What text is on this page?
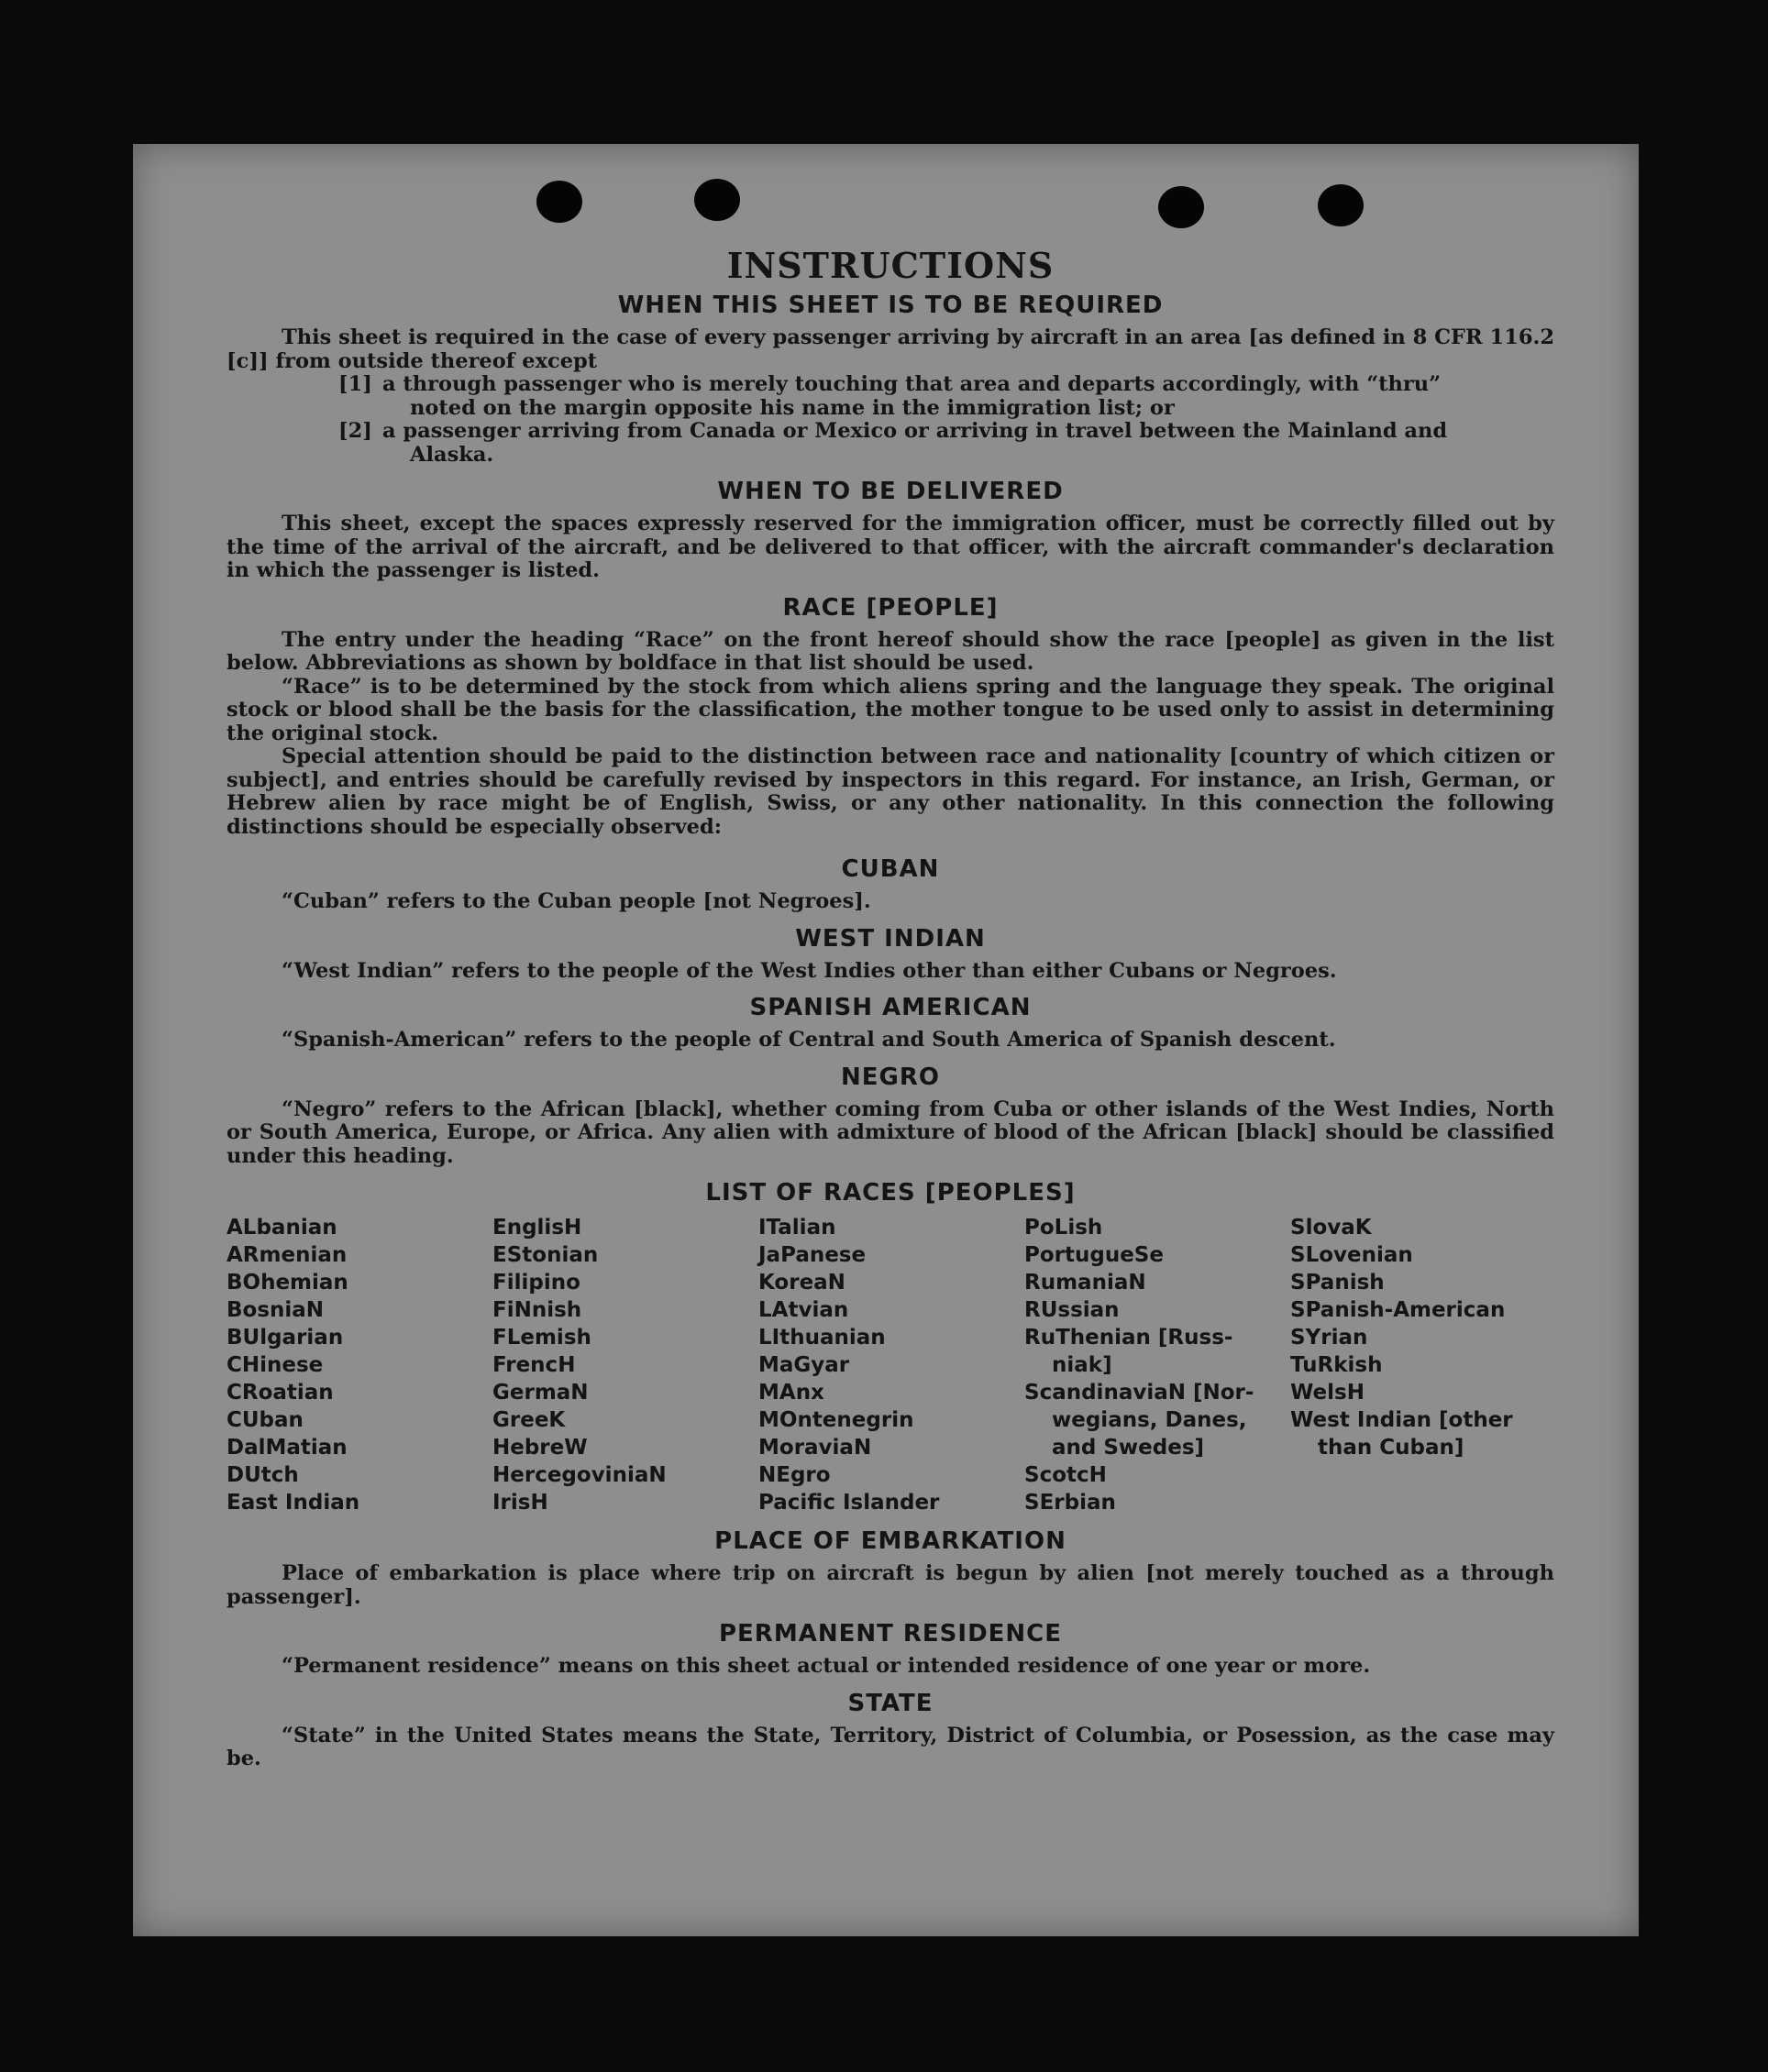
INSTRUCTIONS
WHEN THIS SHEET IS TO BE REQUIRED

This sheet is required in the case of every passenger arriving by aircraft in an area [as defined in 8 CFR 116.2 [c]] from outside thereof except

[1] a through passenger who is merely touching that area and departs accordingly, with “thru”
noted on the margin opposite his name in the immigration list; or
[2] a passenger arriving from Canada or Mexico or arriving in travel between the Mainland and
Alaska.
WHEN TO BE DELIVERED

This sheet, except the spaces expressly reserved for the immigration officer, must be correctly filled out by the time of the arrival of the aircraft, and be delivered to that officer, with the aircraft commander's declaration in which the passenger is listed.

RACE [PEOPLE]

The entry under the heading “Race” on the front hereof should show the race [people] as given in the list below. Abbreviations as shown by boldface in that list should be used.

“Race” is to be determined by the stock from which aliens spring and the language they speak. The original stock or blood shall be the basis for the classification, the mother tongue to be used only to assist in determining the original stock.

Special attention should be paid to the distinction between race and nationality [country of which citizen or subject], and entries should be carefully revised by inspectors in this regard. For instance, an Irish, German, or Hebrew alien by race might be of English, Swiss, or any other nationality. In this connection the following distinctions should be especially observed:

CUBAN

“Cuban” refers to the Cuban people [not Negroes].

WEST INDIAN

“West Indian” refers to the people of the West Indies other than either Cubans or Negroes.

SPANISH AMERICAN

“Spanish-American” refers to the people of Central and South America of Spanish descent.

NEGRO

“Negro” refers to the African [black], whether coming from Cuba or other islands of the West Indies, North or South America, Europe, or Africa. Any alien with admixture of blood of the African [black] should be classified under this heading.

LIST OF RACES [PEOPLES]
ALbanian
ARmenian
BOhemian
BosniaN
BUlgarian
CHinese
CRoatian
CUban
DalMatian
DUtch
East Indian
EnglisH
EStonian
Filipino
FiNnish
FLemish
FrencH
GermaN
GreeK
HebreW
HercegoviniaN
IrisH
ITalian
JaPanese
KoreaN
LAtvian
LIthuanian
MaGyar
MAnx
MOntenegrin
MoraviaN
NEgro
Pacific Islander
PoLish
PortugueSe
RumaniaN
RUssian
RuThenian [Russ-
niak]
ScandinaviaN [Nor-
wegians, Danes,
and Swedes]
ScotcH
SErbian
SlovaK
SLovenian
SPanish
SPanish-American
SYrian
TuRkish
WelsH
West Indian [other
than Cuban]
PLACE OF EMBARKATION

Place of embarkation is place where trip on aircraft is begun by alien [not merely touched as a through passenger].

PERMANENT RESIDENCE

“Permanent residence” means on this sheet actual or intended residence of one year or more.

STATE

“State” in the United States means the State, Territory, District of Columbia, or Posession, as the case may be.
